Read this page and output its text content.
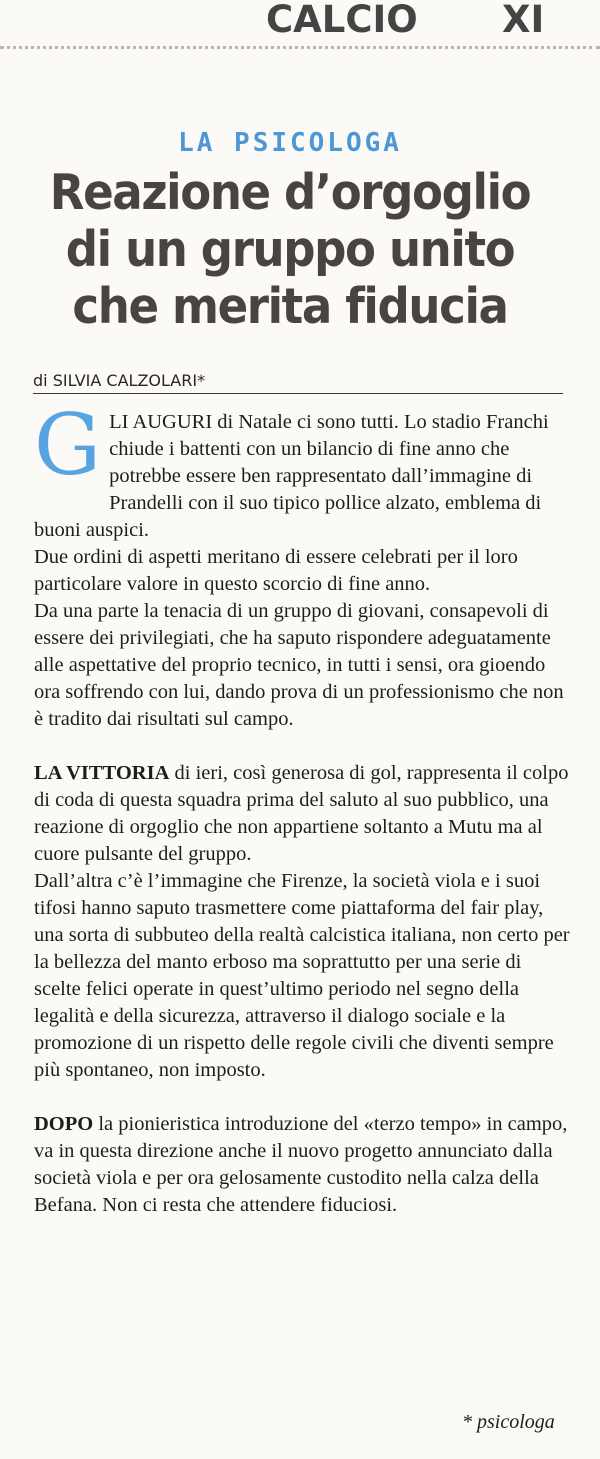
CALCIO XI
LA PSICOLOGA
Reazione d’orgoglio di un gruppo unito che merita fiducia
di SILVIA CALZOLARI*

GLI AUGURI di Natale ci sono tutti. Lo stadio Franchi chiude i battenti con un bilancio di fine anno che potrebbe essere ben rappresentato dall’immagine di Prandelli con il suo tipico pollice alzato, emblema di buoni auspici.

Due ordini di aspetti meritano di essere celebrati per il loro particolare valore in questo scorcio di fine anno.

Da una parte la tenacia di un gruppo di giovani, consapevoli di essere dei privilegiati, che ha saputo rispondere adeguatamente alle aspettative del proprio tecnico, in tutti i sensi, ora gioendo ora soffrendo con lui, dando prova di un professionismo che non è tradito dai risultati sul campo.

LA VITTORIA di ieri, così generosa di gol, rappresenta il colpo di coda di questa squadra prima del saluto al suo pubblico, una reazione di orgoglio che non appartiene soltanto a Mutu ma al cuore pulsante del gruppo.

Dall’altra c’è l’immagine che Firenze, la società viola e i suoi tifosi hanno saputo trasmettere come piattaforma del fair play, una sorta di subbuteo della realtà calcistica italiana, non certo per la bellezza del manto erboso ma soprattutto per una serie di scelte felici operate in quest’ultimo periodo nel segno della legalità e della sicurezza, attraverso il dialogo sociale e la promozione di un rispetto delle regole civili che diventi sempre più spontaneo, non imposto.

DOPO la pionieristica introduzione del «terzo tempo» in campo, va in questa direzione anche il nuovo progetto annunciato dalla società viola e per ora gelosamente custodito nella calza della Befana. Non ci resta che attendere fiduciosi.

* psicologa
